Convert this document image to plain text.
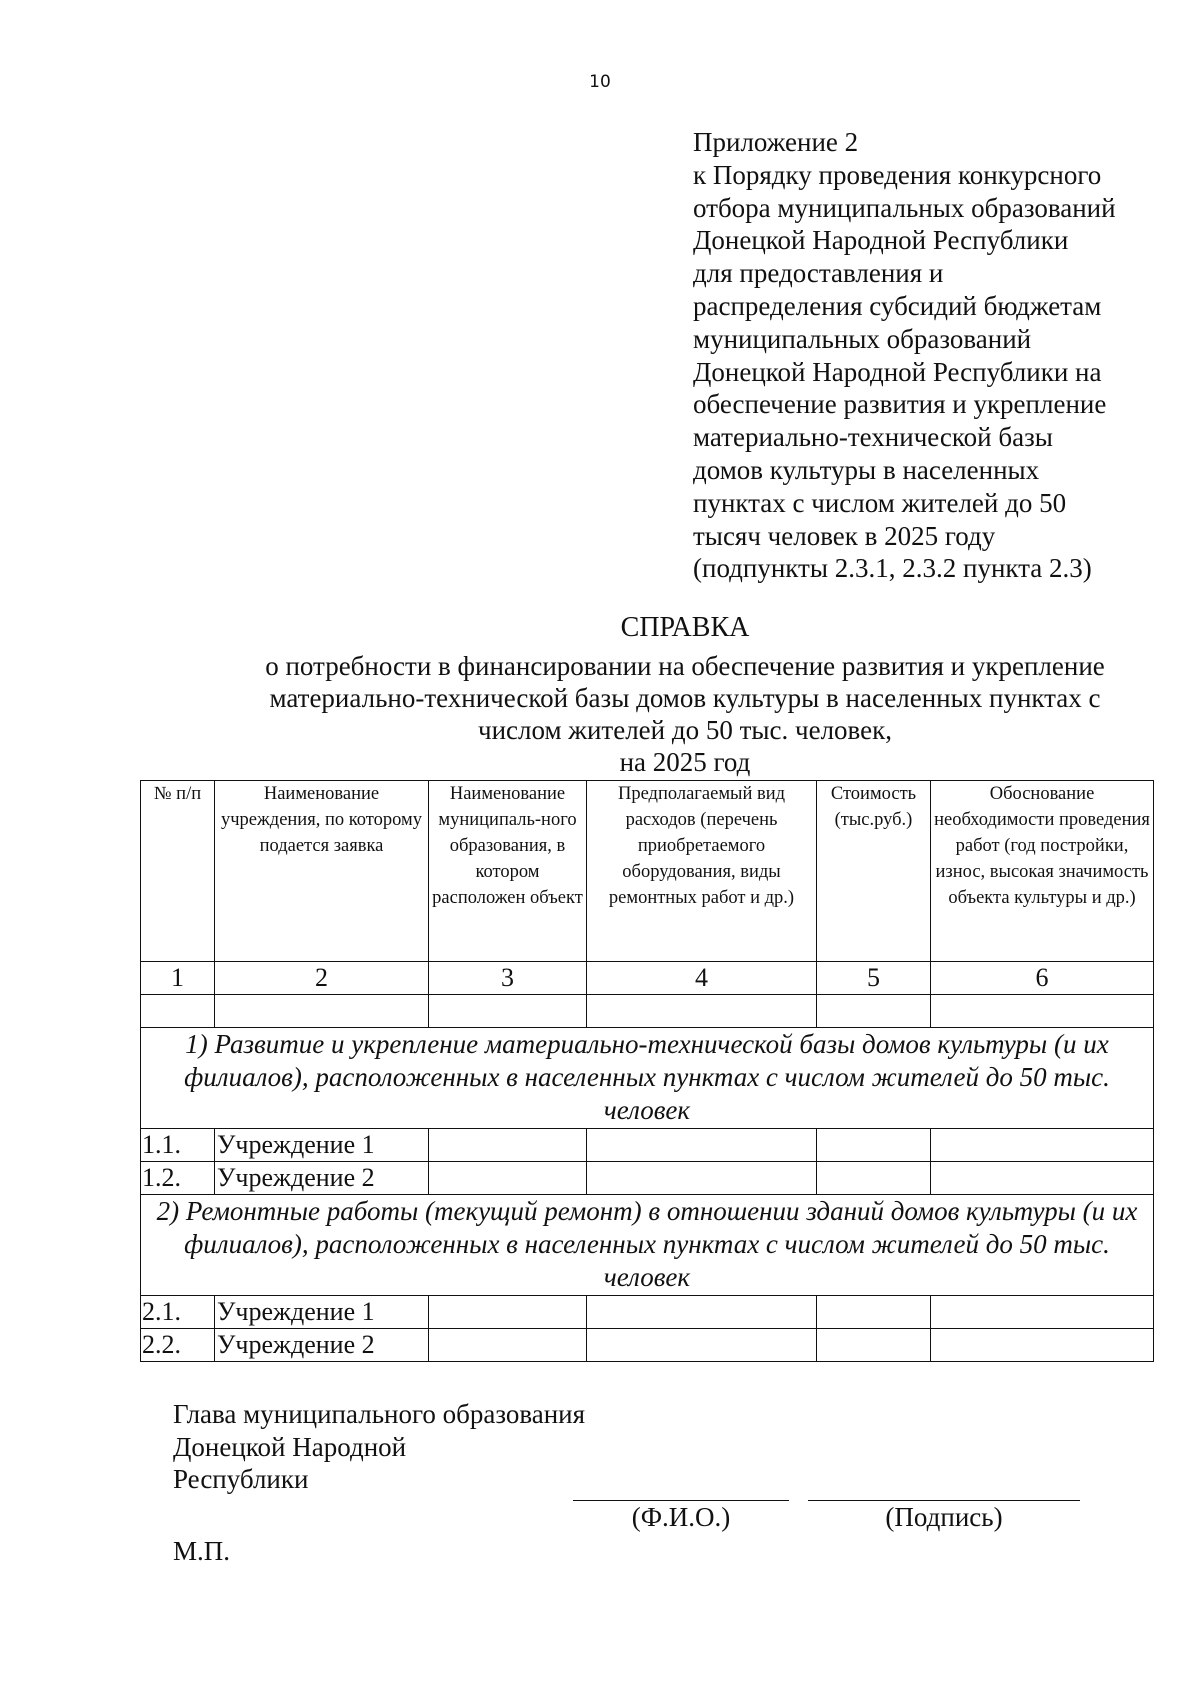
10
Приложение 2
к Порядку проведения конкурсного
отбора муниципальных образований
Донецкой Народной Республики
для предоставления и
распределения субсидий бюджетам
муниципальных образований
Донецкой Народной Республики на
обеспечение развития и укрепление
материально-технической базы
домов культуры в населенных
пунктах с числом жителей до 50
тысяч человек в 2025 году
(подпункты 2.3.1, 2.3.2 пункта 2.3)
СПРАВКА
о потребности в финансировании на обеспечение развития и укрепление
материально-технической базы домов культуры в населенных пунктах с
числом жителей до 50 тыс. человек,
на 2025 год
№ п/п	Наименование учреждения, по которому подается заявка	Наименование муниципаль-ного образования, в котором расположен объект	Предполагаемый вид расходов (перечень приобретаемого оборудования, виды ремонтных работ и др.)	Стоимость (тыс.руб.)	Обоснование необходимости проведения работ (год постройки, износ, высокая значимость объекта культуры и др.)
1	2	3	4	5	6

1) Развитие и укрепление материально-технической базы домов культуры (и их филиалов), расположенных в населенных пунктах с числом жителей до 50 тыс. человек					
1.1.	Учреждение 1				
1.2.	Учреждение 2				
2) Ремонтные работы (текущий ремонт) в отношении зданий домов культуры (и их филиалов), расположенных в населенных пунктах с числом жителей до 50 тыс. человек					
2.1.	Учреждение 1				
2.2.	Учреждение 2				
Глава муниципального образования
Донецкой Народной
Республики
(Ф.И.О.)	(Подпись)
М.П.
